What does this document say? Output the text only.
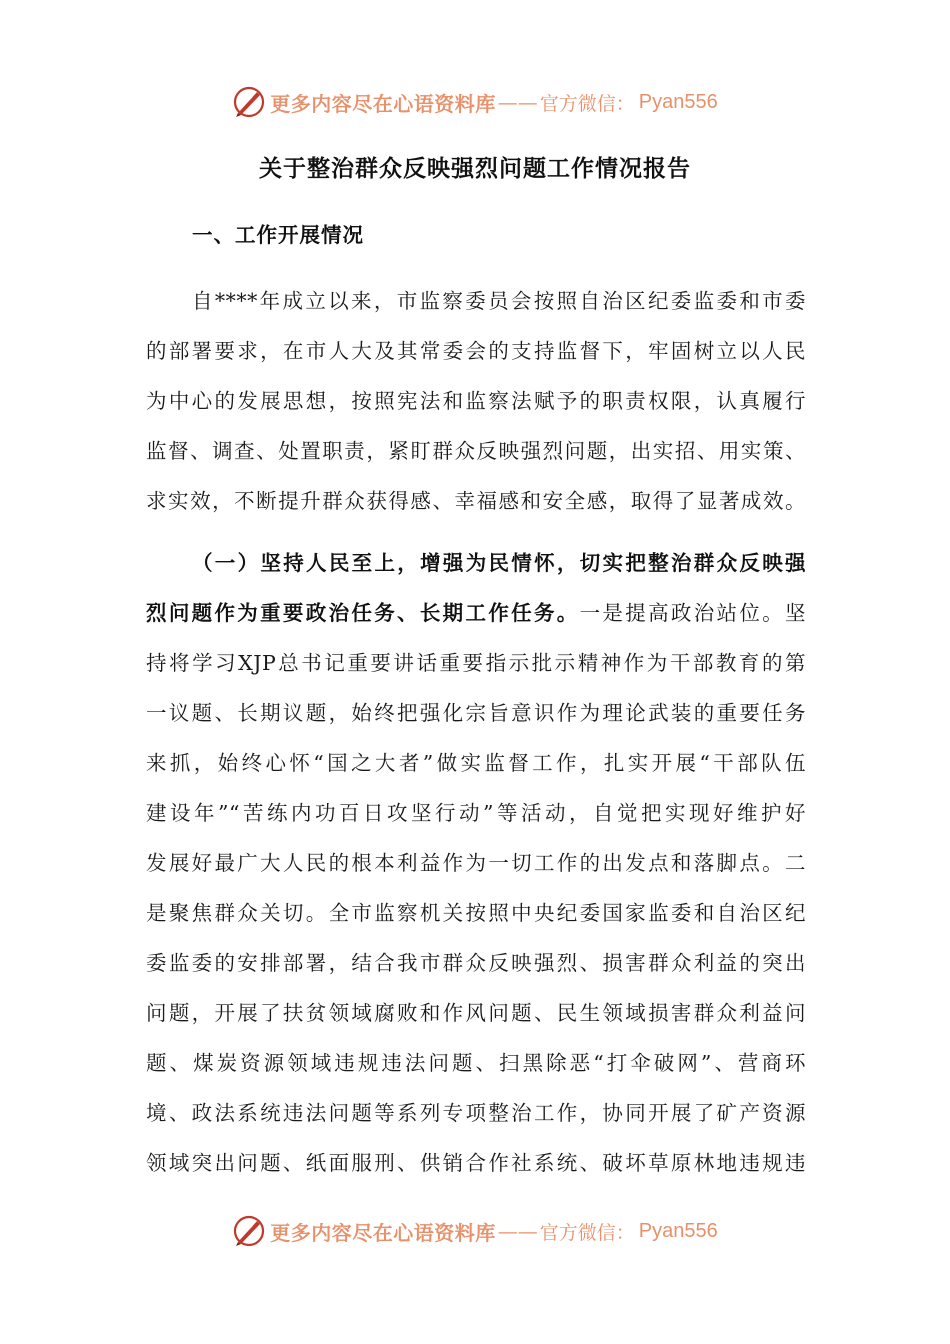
更多内容尽在心语资料库 —— 官方微信： Pyan556
关于整治群众反映强烈问题工作情况报告
一、工作开展情况
自****年成立以来，市监察委员会按照自治区纪委监委和市委
的部署要求，在市人大及其常委会的支持监督下，牢固树立以人民
为中心的发展思想，按照宪法和监察法赋予的职责权限，认真履行
监督、调查、处置职责，紧盯群众反映强烈问题，出实招、用实策、
求实效，不断提升群众获得感、幸福感和安全感，取得了显著成效。
（一）坚持人民至上，增强为民情怀，切实把整治群众反映强
烈问题作为重要政治任务、长期工作任务。一是提高政治站位。坚
持将学习XJP总书记重要讲话重要指示批示精神作为干部教育的第
一议题、长期议题，始终把强化宗旨意识作为理论武装的重要任务
来抓，始终心怀“国之大者”做实监督工作，扎实开展“干部队伍
建设年”“苦练内功百日攻坚行动”等活动，自觉把实现好维护好
发展好最广大人民的根本利益作为一切工作的出发点和落脚点。二
是聚焦群众关切。全市监察机关按照中央纪委国家监委和自治区纪
委监委的安排部署，结合我市群众反映强烈、损害群众利益的突出
问题，开展了扶贫领域腐败和作风问题、民生领域损害群众利益问
题、煤炭资源领域违规违法问题、扫黑除恶“打伞破网”、营商环
境、政法系统违法问题等系列专项整治工作，协同开展了矿产资源
领域突出问题、纸面服刑、供销合作社系统、破坏草原林地违规违
更多内容尽在心语资料库 —— 官方微信： Pyan556
